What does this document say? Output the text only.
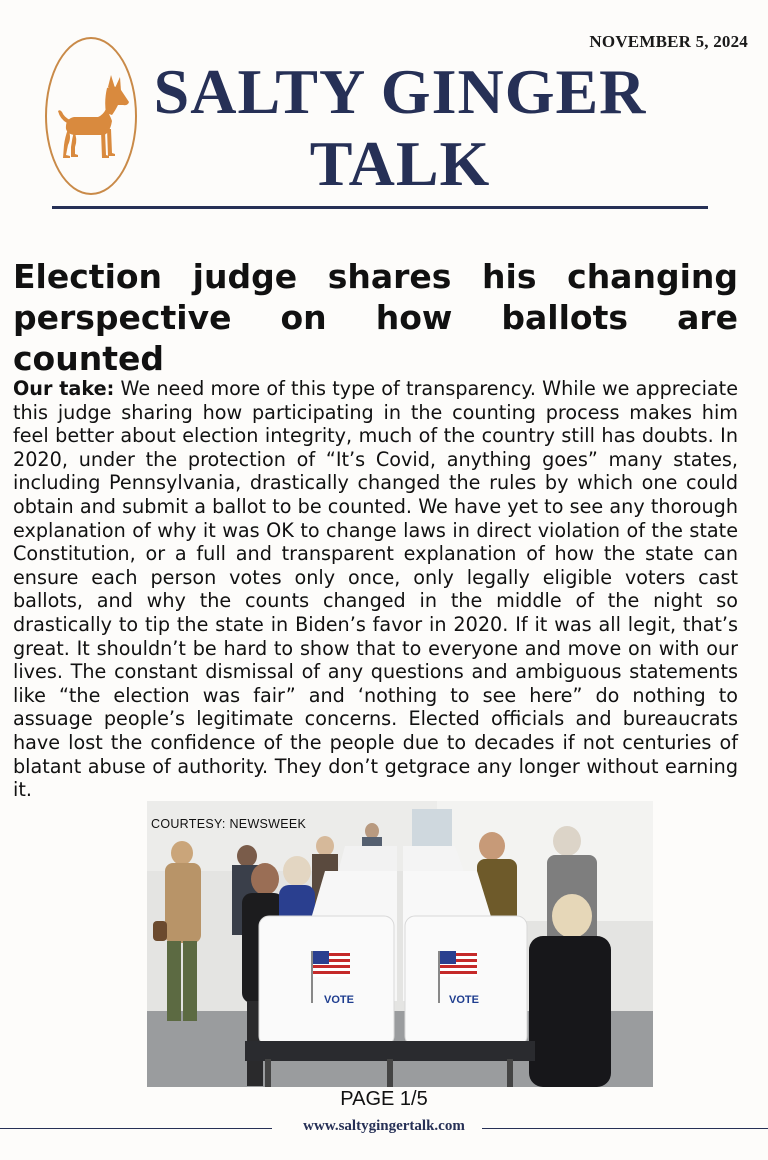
NOVEMBER 5, 2024
SALTY GINGER
TALK
Election judge shares his changing perspective on how ballots are counted

Our take: We need more of this type of transparency. While we appreciate this judge sharing how participating in the counting process makes him feel better about election integrity, much of the country still has doubts. In 2020, under the protection of “It’s Covid, anything goes” many states, including Pennsylvania, drastically changed the rules by which one could obtain and submit a ballot to be counted. We have yet to see any thorough explanation of why it was OK to change laws in direct violation of the state Constitution, or a full and transparent explanation of how the state can ensure each person votes only once, only legally eligible voters cast ballots, and why the counts changed in the middle of the night so drastically to tip the state in Biden’s favor in 2020. If it was all legit, that’s great. It shouldn’t be hard to show that to everyone and move on with our lives. The constant dismissal of any questions and ambiguous statements like “the election was fair” and ‘nothing to see here” do nothing to assuage people’s legitimate concerns. Elected officials and bureaucrats have lost the confidence of the people due to decades if not centuries of blatant abuse of authority. They don’t getgrace any longer without earning it.

VOTE	VOTE
COURTESY: NEWSWEEK
PAGE 1/5
www.saltygingertalk.com
